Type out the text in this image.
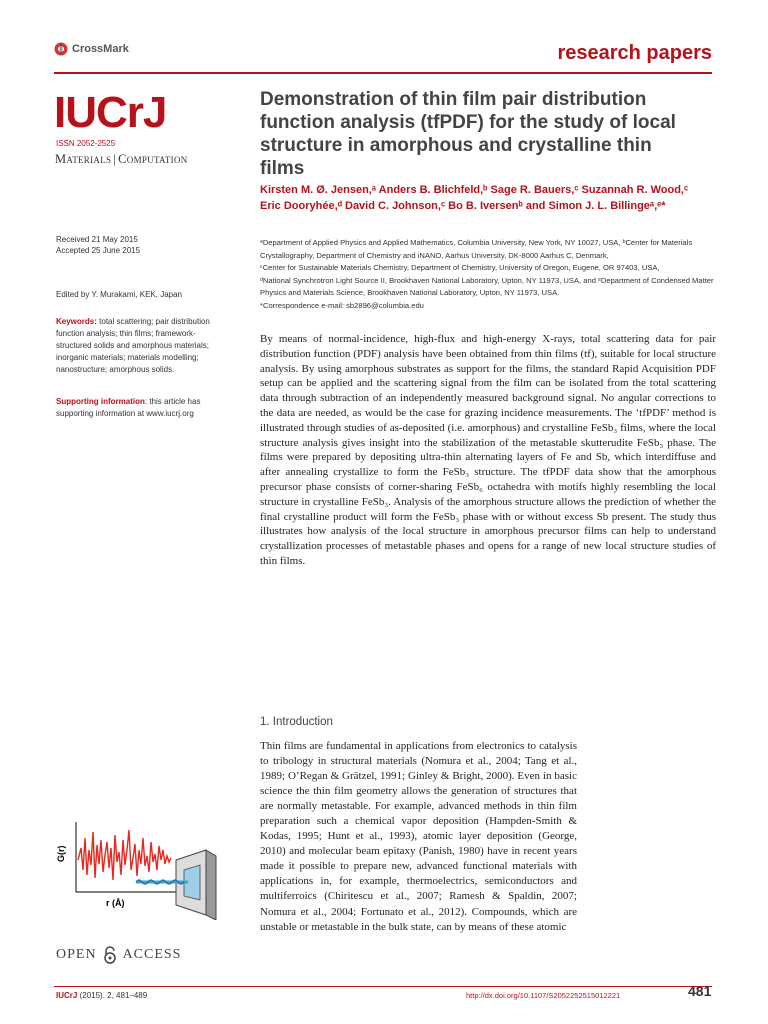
CrossMark	research papers
IUCrJ
ISSN 2052-2525
Materials | Computation
Demonstration of thin film pair distribution function analysis (tfPDF) for the study of local structure in amorphous and crystalline thin films
Kirsten M. Ø. Jensen,ᵃ Anders B. Blichfeld,ᵇ Sage R. Bauers,ᶜ Suzannah R. Wood,ᶜ
Eric Dooryhée,ᵈ David C. Johnson,ᶜ Bo B. Iversenᵇ and Simon J. L. Billingeᵃ,ᵉ*
Received 21 May 2015
Accepted 25 June 2015
Edited by Y. Murakami, KEK, Japan
Keywords: total scattering; pair distribution function analysis; thin films; framework-structured solids and amorphous materials; inorganic materials; materials modelling; nanostructure; amorphous solids.
Supporting information: this article has supporting information at www.iucrj.org

ᵃDepartment of Applied Physics and Applied Mathematics, Columbia University, New York, NY 10027, USA, ᵇCenter for Materials Crystallography, Department of Chemistry and iNANO, Aarhus University, DK-8000 Aarhus C, Denmark,

ᶜCenter for Sustainable Materials Chemistry, Department of Chemistry, University of Oregon, Eugene, OR 97403, USA,

ᵈNational Synchrotron Light Source II, Brookhaven National Laboratory, Upton, NY 11973, USA, and ᵉDepartment of Condensed Matter Physics and Materials Science, Brookhaven National Laboratory, Upton, NY 11973, USA.

*Correspondence e-mail: sb2896@columbia.edu

By means of normal-incidence, high-flux and high-energy X-rays, total scattering data for pair distribution function (PDF) analysis have been obtained from thin films (tf), suitable for local structure analysis. By using amorphous substrates as support for the films, the standard Rapid Acquisition PDF setup can be applied and the scattering signal from the film can be isolated from the total scattering data through subtraction of an independently measured background signal. No angular corrections to the data are needed, as would be the case for grazing incidence measurements. The ‘tfPDF’ method is illustrated through studies of as-deposited (i.e. amorphous) and crystalline FeSb₃ films, where the local structure analysis gives insight into the stabilization of the metastable skutterudite FeSb₃ phase. The films were prepared by depositing ultra-thin alternating layers of Fe and Sb, which interdiffuse and after annealing crystallize to form the FeSb₃ structure. The tfPDF data show that the amorphous precursor phase consists of corner-sharing FeSb₆ octahedra with motifs highly resembling the local structure in crystalline FeSb₃. Analysis of the amorphous structure allows the prediction of whether the final crystalline product will form the FeSb₃ phase with or without excess Sb present. The study thus illustrates how analysis of the local structure in amorphous precursor films can help to understand crystallization processes of metastable phases and opens for a range of new local structure studies of thin films.
1. Introduction
Thin films are fundamental in applications from electronics to catalysis to tribology in structural materials (Nomura et al., 2004; Tang et al., 1989; O’Regan & Grätzel, 1991; Ginley & Bright, 2000). Even in basic science the thin film geometry allows the generation of structures that are normally metastable. For example, advanced methods in thin film preparation such a chemical vapor deposition (Hampden-Smith & Kodas, 1995; Hunt et al., 1993), atomic layer deposition (George, 2010) and molecular beam epitaxy (Panish, 1980) have in recent years made it possible to prepare new, advanced functional materials with applications in, for example, thermoelectrics, semiconductors and multiferroics (Chiritescu et al., 2007; Ramesh & Spaldin, 2007; Nomura et al., 2004; Fortunato et al., 2012). Compounds, which are unstable or metastable in the bulk state, can by means of these atomic
G(r)
r (Å)
OPEN ACCESS
IUCrJ (2015). 2, 481–489	http://dx.doi.org/10.1107/S2052252515012221	481
